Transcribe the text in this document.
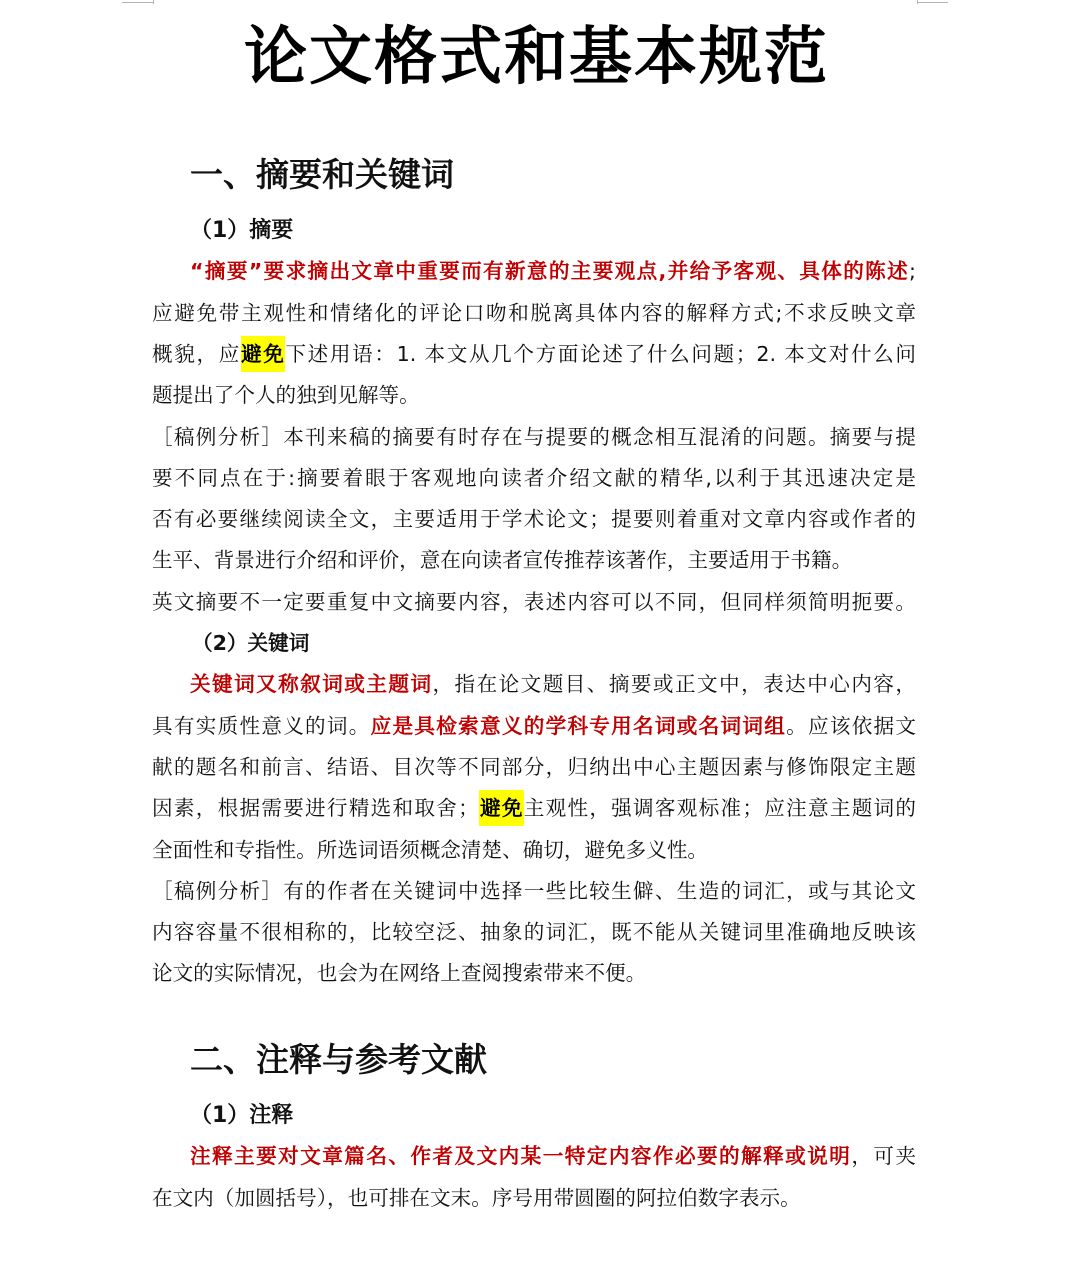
论文格式和基本规范
一、摘要和关键词
（1）摘要
“摘要”要求摘出文章中重要而有新意的主要观点,并给予客观、具体的陈述;
应避免带主观性和情绪化的评论口吻和脱离具体内容的解释方式;不求反映文章
概貌，应避免下述用语：1. 本文从几个方面论述了什么问题；2. 本文对什么问
题提出了个人的独到见解等。
［稿例分析］本刊来稿的摘要有时存在与提要的概念相互混淆的问题。摘要与提
要不同点在于:摘要着眼于客观地向读者介绍文献的精华,以利于其迅速决定是
否有必要继续阅读全文，主要适用于学术论文；提要则着重对文章内容或作者的
生平、背景进行介绍和评价，意在向读者宣传推荐该著作，主要适用于书籍。
英文摘要不一定要重复中文摘要内容，表述内容可以不同，但同样须简明扼要。
（2）关键词
关键词又称叙词或主题词，指在论文题目、摘要或正文中，表达中心内容，
具有实质性意义的词。应是具检索意义的学科专用名词或名词词组。应该依据文
献的题名和前言、结语、目次等不同部分，归纳出中心主题因素与修饰限定主题
因素，根据需要进行精选和取舍；避免主观性，强调客观标准；应注意主题词的
全面性和专指性。所选词语须概念清楚、确切，避免多义性。
［稿例分析］有的作者在关键词中选择一些比较生僻、生造的词汇，或与其论文
内容容量不很相称的，比较空泛、抽象的词汇，既不能从关键词里准确地反映该
论文的实际情况，也会为在网络上查阅搜索带来不便。
二、注释与参考文献
（1）注释
注释主要对文章篇名、作者及文内某一特定内容作必要的解释或说明，可夹
在文内（加圆括号），也可排在文末。序号用带圆圈的阿拉伯数字表示。
